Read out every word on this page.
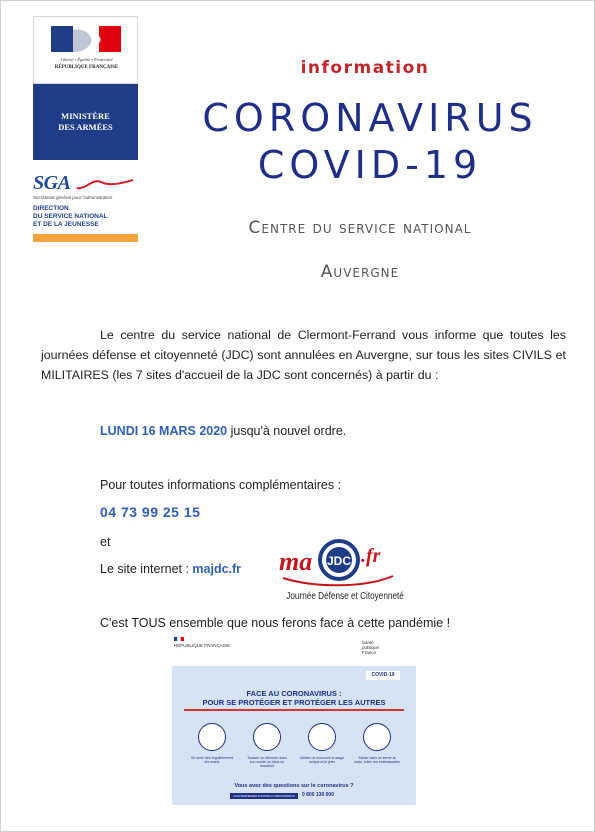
Liberté • Égalité • Fraternité
RÉPUBLIQUE FRANÇAISE
MINISTÈRE
DES ARMÉES
SGA
Secrétariat général pour l'administration
DIRECTION
DU SERVICE NATIONAL
ET DE LA JEUNESSE
information
CORONAVIRUS
COVID-19
Centre du service national
Auvergne
Le centre du service national de Clermont-Ferrand vous informe que toutes les journées défense et citoyenneté (JDC) sont annulées en Auvergne, sur tous les sites CIVILS et MILITAIRES (les 7 sites d'accueil de la JDC sont concernés) à partir du :
LUNDI 16 MARS 2020 jusqu'à nouvel ordre.
Pour toutes informations complémentaires :
04 73 99 25 15
et
Le site internet : majdc.fr ma JDC .fr
Journée Défense et Citoyenneté
C'est TOUS ensemble que nous ferons face à cette pandémie !
RÉPUBLIQUE FRANÇAISE
Santé
publique
France
COVID-19
FACE AU CORONAVIRUS :
POUR SE PROTÉGER ET PROTÉGER LES AUTRES
Se laver très régulièrement les mains
Tousser ou éternuer dans son coude ou dans un mouchoir
Utiliser un mouchoir à usage unique et le jeter
Saluer sans se serrer la main, éviter les embrassades
Vous avez des questions sur le coronavirus ?
GOUVERNEMENT.FR/INFO-CORONAVIRUS	0 800 130 000
